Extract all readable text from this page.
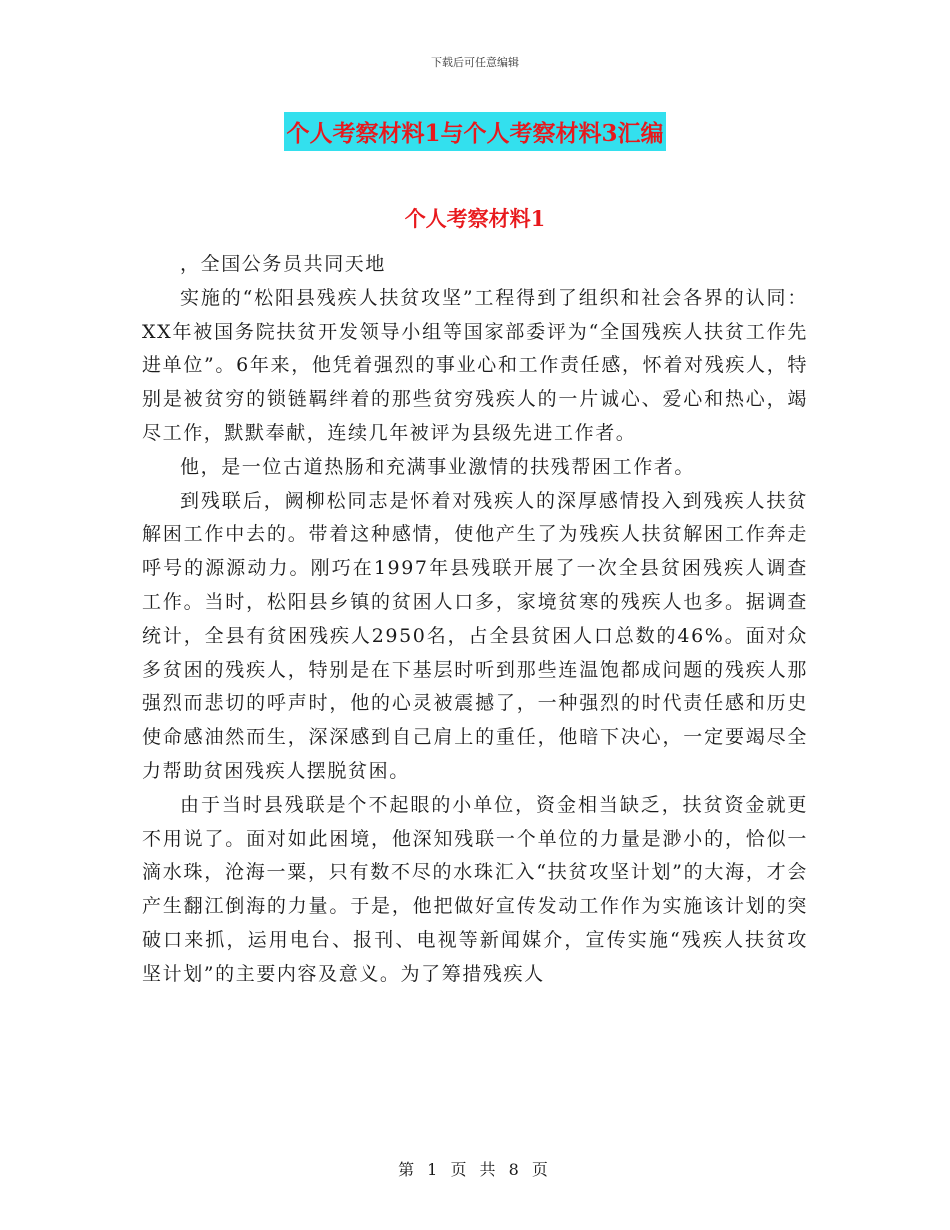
下载后可任意编辑
个人考察材料1与个人考察材料3汇编
个人考察材料1

，全国公务员共同天地

实施的“松阳县残疾人扶贫攻坚”工程得到了组织和社会各界的认同：XX年被国务院扶贫开发领导小组等国家部委评为“全国残疾人扶贫工作先进单位”。6年来，他凭着强烈的事业心和工作责任感，怀着对残疾人，特别是被贫穷的锁链羁绊着的那些贫穷残疾人的一片诚心、爱心和热心，竭尽工作，默默奉献，连续几年被评为县级先进工作者。

他，是一位古道热肠和充满事业激情的扶残帮困工作者。

到残联后，阙柳松同志是怀着对残疾人的深厚感情投入到残疾人扶贫解困工作中去的。带着这种感情，使他产生了为残疾人扶贫解困工作奔走呼号的源源动力。刚巧在1997年县残联开展了一次全县贫困残疾人调查工作。当时，松阳县乡镇的贫困人口多，家境贫寒的残疾人也多。据调查统计，全县有贫困残疾人2950名，占全县贫困人口总数的46%。面对众多贫困的残疾人，特别是在下基层时听到那些连温饱都成问题的残疾人那强烈而悲切的呼声时，他的心灵被震撼了，一种强烈的时代责任感和历史使命感油然而生，深深感到自己肩上的重任，他暗下决心，一定要竭尽全力帮助贫困残疾人摆脱贫困。

由于当时县残联是个不起眼的小单位，资金相当缺乏，扶贫资金就更不用说了。面对如此困境，他深知残联一个单位的力量是渺小的，恰似一滴水珠，沧海一粟，只有数不尽的水珠汇入“扶贫攻坚计划”的大海，才会产生翻江倒海的力量。于是，他把做好宣传发动工作作为实施该计划的突破口来抓，运用电台、报刊、电视等新闻媒介，宣传实施“残疾人扶贫攻坚计划”的主要内容及意义。为了筹措残疾人

第 1 页 共 8 页
